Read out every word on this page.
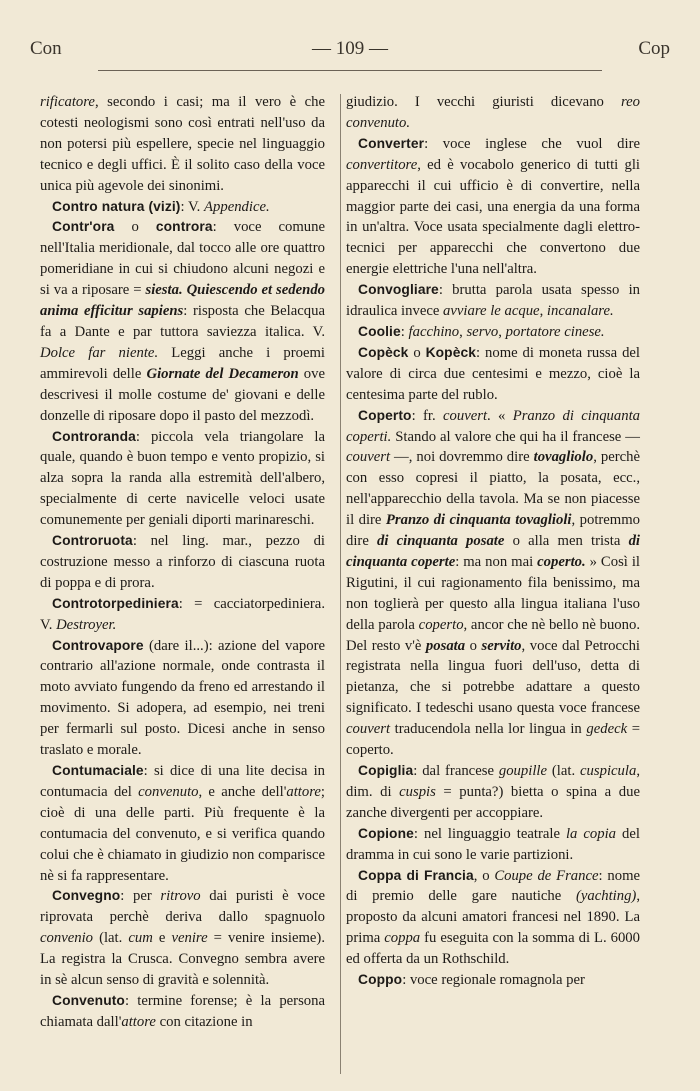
Con	— 109 —	Cop

rificatore, secondo i casi; ma il vero è che cotesti neologismi sono così entrati nell'uso da non potersi più espellere, specie nel linguaggio tecnico e degli uffici. È il solito caso della voce unica più agevole dei sinonimi.

Contro natura (vizi): V. Appendice.

Contr'ora o controra: voce comune nell'Italia meridionale, dal tocco alle ore quattro pomeridiane in cui si chiudono alcuni negozi e si va a riposare = siesta. Quiescendo et sedendo anima efficitur sapiens: risposta che Belacqua fa a Dante e par tuttora saviezza italica. V. Dolce far niente. Leggi anche i proemi ammirevoli delle Giornate del Decameron ove descrivesi il molle costume de' giovani e delle donzelle di riposare dopo il pasto del mezzodì.

Controranda: piccola vela triangolare la quale, quando è buon tempo e vento propizio, si alza sopra la randa alla estremità dell'albero, specialmente di certe navicelle veloci usate comunemente per geniali diporti marinareschi.

Controruota: nel ling. mar., pezzo di costruzione messo a rinforzo di ciascuna ruota di poppa e di prora.

Controtorpediniera: = cacciatorpediniera. V. Destroyer.

Controvapore (dare il...): azione del vapore contrario all'azione normale, onde contrasta il moto avviato fungendo da freno ed arrestando il movimento. Si adopera, ad esempio, nei treni per fermarli sul posto. Dicesi anche in senso traslato e morale.

Contumaciale: si dice di una lite decisa in contumacia del convenuto, e anche dell'attore; cioè di una delle parti. Più frequente è la contumacia del convenuto, e si verifica quando colui che è chiamato in giudizio non comparisce nè si fa rappresentare.

Convegno: per ritrovo dai puristi è voce riprovata perchè deriva dallo spagnuolo convenio (lat. cum e venire = venire insieme). La registra la Crusca. Convegno sembra avere in sè alcun senso di gravità e solennità.

Convenuto: termine forense; è la persona chiamata dall'attore con citazione in

giudizio. I vecchi giuristi dicevano reo convenuto.

Converter: voce inglese che vuol dire convertitore, ed è vocabolo generico di tutti gli apparecchi il cui ufficio è di convertire, nella maggior parte dei casi, una energia da una forma in un'altra. Voce usata specialmente dagli elettro-tecnici per apparecchi che convertono due energie elettriche l'una nell'altra.

Convogliare: brutta parola usata spesso in idraulica invece avviare le acque, incanalare.

Coolie: facchino, servo, portatore cinese.

Copèck o Kopèck: nome di moneta russa del valore di circa due centesimi e mezzo, cioè la centesima parte del rublo.

Coperto: fr. couvert. « Pranzo di cinquanta coperti. Stando al valore che qui ha il francese — couvert —, noi dovremmo dire tovagliolo, perchè con esso copresi il piatto, la posata, ecc., nell'apparecchio della tavola. Ma se non piacesse il dire Pranzo di cinquanta tovaglioli, potremmo dire di cinquanta posate o alla men trista di cinquanta coperte: ma non mai coperto. » Così il Rigutini, il cui ragionamento fila benissimo, ma non toglierà per questo alla lingua italiana l'uso della parola coperto, ancor che nè bello nè buono. Del resto v'è posata o servito, voce dal Petrocchi registrata nella lingua fuori dell'uso, detta di pietanza, che si potrebbe adattare a questo significato. I tedeschi usano questa voce francese couvert traducendola nella lor lingua in gedeck = coperto.

Copiglia: dal francese goupille (lat. cuspicula, dim. di cuspis = punta?) bietta o spina a due zanche divergenti per accoppiare.

Copione: nel linguaggio teatrale la copia del dramma in cui sono le varie partizioni.

Coppa di Francia, o Coupe de France: nome di premio delle gare nautiche (yachting), proposto da alcuni amatori francesi nel 1890. La prima coppa fu eseguita con la somma di L. 6000 ed offerta da un Rothschild.

Coppo: voce regionale romagnola per
